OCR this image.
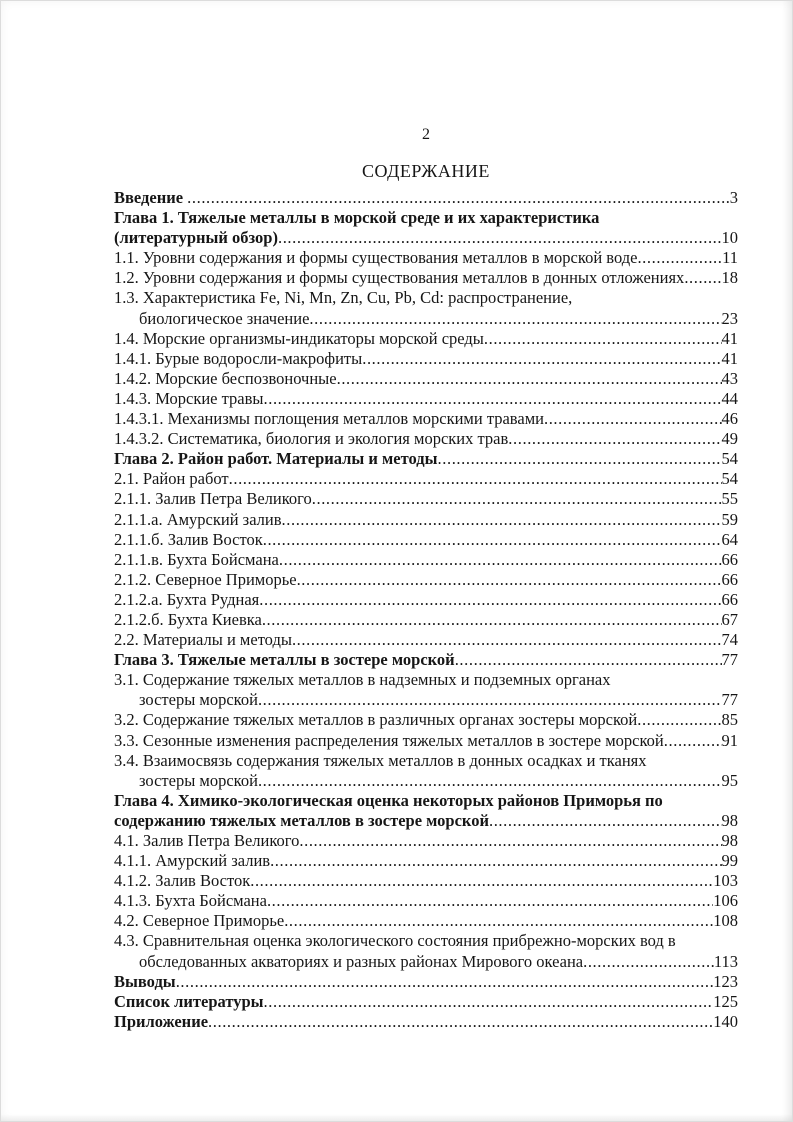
2
СОДЕРЖАНИЕ
Введение .....	3
Глава 1. Тяжелые металлы в морской среде и их характеристика
(литературный обзор) .....	10
1.1. Уровни содержания и формы существования металлов в морской воде .....	11
1.2. Уровни содержания и формы существования металлов в донных отложениях ..... 18
1.3. Характеристика Fe, Ni, Mn, Zn, Cu, Pb, Cd: распространение,
биологическое значение .....	23
1.4. Морские организмы-индикаторы морской среды .....	41
1.4.1. Бурые водоросли-макрофиты .....	41
1.4.2. Морские беспозвоночные .....	43
1.4.3. Морские травы .....	44
1.4.3.1. Механизмы поглощения металлов морскими травами .....	46
1.4.3.2. Систематика, биология и экология морских трав .....	49
Глава 2. Район работ. Материалы и методы .....	54
2.1. Район работ .....	54
2.1.1. Залив Петра Великого .....	55
2.1.1.а. Амурский залив .....	59
2.1.1.б. Залив Восток .....	64
2.1.1.в. Бухта Бойсмана .....	66
2.1.2. Северное Приморье .....	66
2.1.2.а. Бухта Рудная .....	66
2.1.2.б. Бухта Киевка .....	67
2.2. Материалы и методы .....	74
Глава 3. Тяжелые металлы в зостере морской .....	77
3.1. Содержание тяжелых металлов в надземных и подземных органах
зостеры морской .....	77
3.2. Содержание тяжелых металлов в различных органах зостеры морской .....	85
3.3. Сезонные изменения распределения тяжелых металлов в зостере морской .....	91
3.4. Взаимосвязь содержания тяжелых металлов в донных осадках и тканях
зостеры морской .....	95
Глава 4. Химико-экологическая оценка некоторых районов Приморья по
содержанию тяжелых металлов в зостере морской .....	98
4.1. Залив Петра Великого .....	98
4.1.1. Амурский залив .....	99
4.1.2. Залив Восток .....	103
4.1.3. Бухта Бойсмана .....	106
4.2. Северное Приморье .....	108
4.3. Сравнительная оценка экологического состояния прибрежно-морских вод в
обследованных акваториях и разных районах Мирового океана .....	113
Выводы .....	123
Список литературы .....	125
Приложение .....	140
